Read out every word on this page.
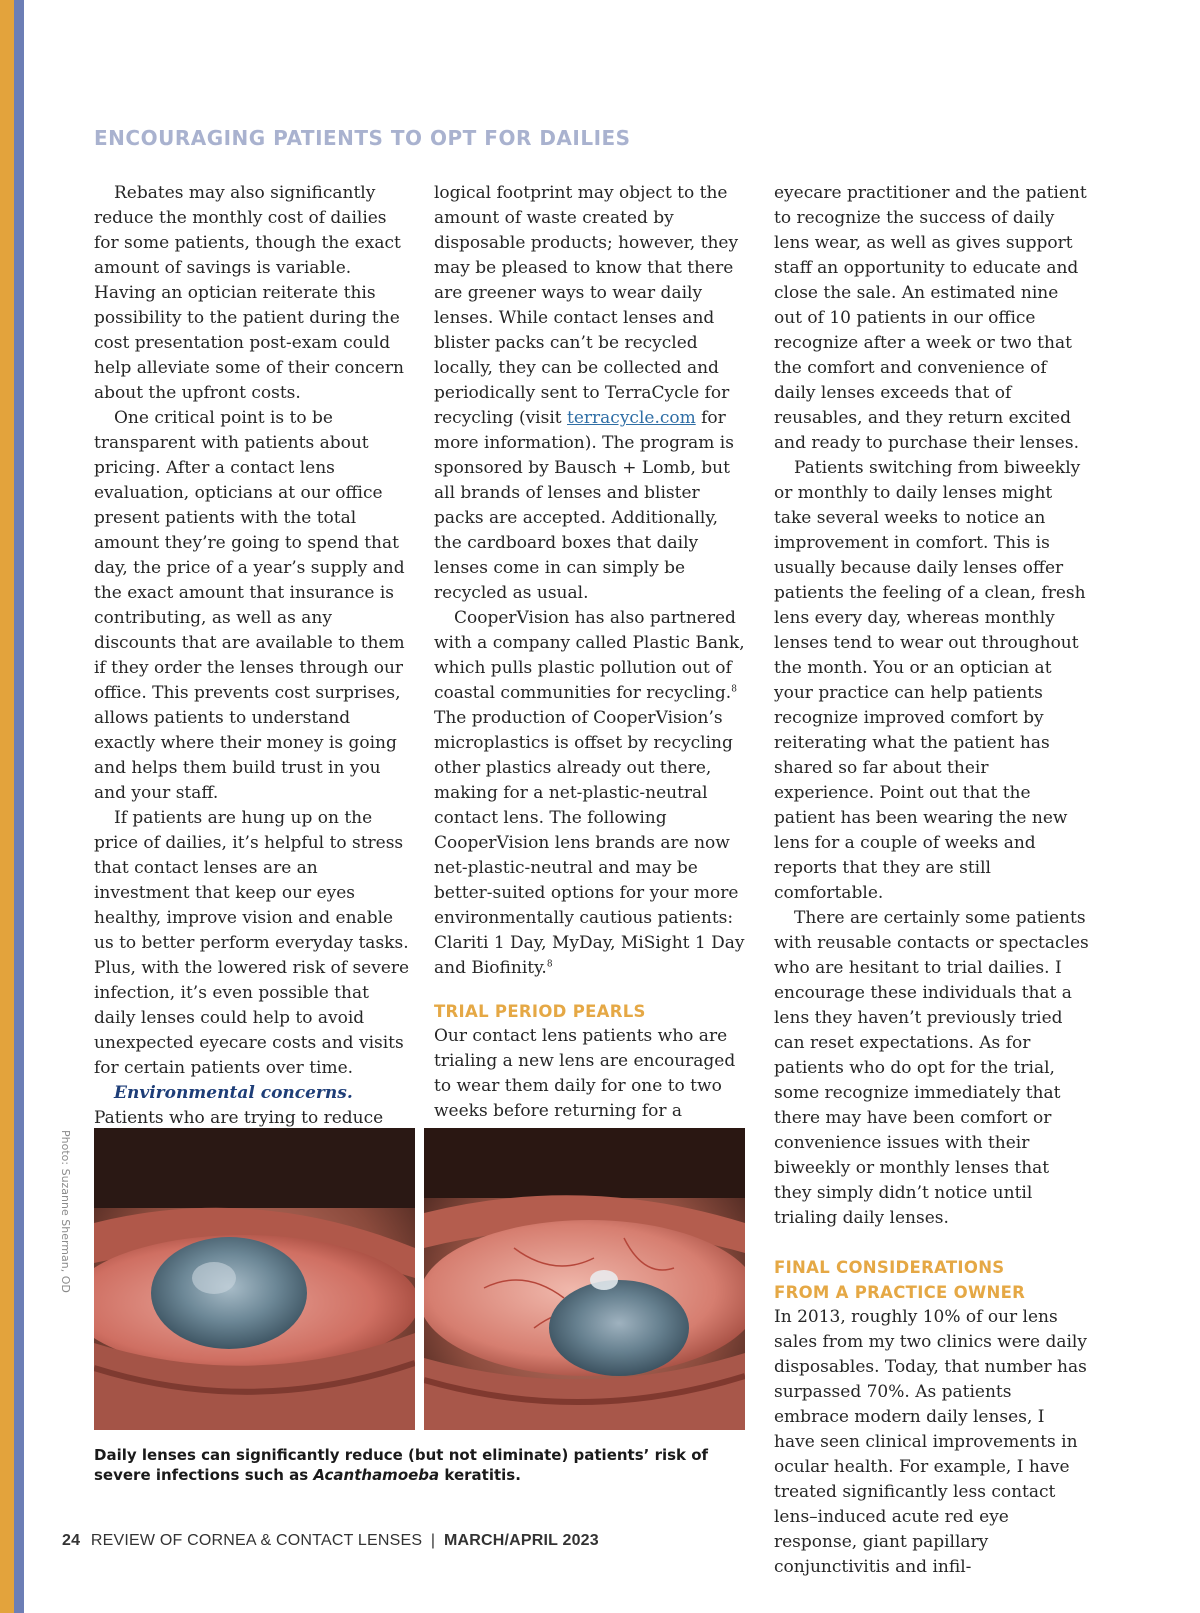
ENCOURAGING PATIENTS TO OPT FOR DAILIES

Rebates may also significantly reduce the monthly cost of dailies for some patients, though the exact amount of savings is variable. Having an optician reiterate this possibility to the patient during the cost presentation post-exam could help alleviate some of their concern about the upfront costs.

One critical point is to be transparent with patients about pricing. After a contact lens evaluation, opticians at our office present patients with the total amount they’re going to spend that day, the price of a year’s supply and the exact amount that insurance is contributing, as well as any discounts that are available to them if they order the lenses through our office. This prevents cost surprises, allows patients to understand exactly where their money is going and helps them build trust in you and your staff.

If patients are hung up on the price of dailies, it’s helpful to stress that contact lenses are an investment that keep our eyes healthy, improve vision and enable us to better perform everyday tasks. Plus, with the lowered risk of severe infection, it’s even possible that daily lenses could help to avoid unexpected eyecare costs and visits for certain patients over time.

Environmental concerns. Patients who are trying to reduce

logical footprint may object to the amount of waste created by disposable products; however, they may be pleased to know that there are greener ways to wear daily lenses. While contact lenses and blister packs can’t be recycled locally, they can be collected and periodically sent to TerraCycle for recycling (visit terracycle.com for more information). The program is sponsored by Bausch + Lomb, but all brands of lenses and blister packs are accepted. Additionally, the cardboard boxes that daily lenses come in can simply be recycled as usual.

CooperVision has also partnered with a company called Plastic Bank, which pulls plastic pollution out of coastal communities for recycling.$^8$ The production of CooperVision’s microplastics is offset by recycling other plastics already out there, making for a net-plastic-neutral contact lens. The following CooperVision lens brands are now net-plastic-neutral and may be better-suited options for your more environmentally cautious patients: Clariti 1 Day, MyDay, MiSight 1 Day and Biofinity.$^8$

TRIAL PERIOD PEARLS

Our contact lens patients who are trialing a new lens are encouraged to wear them daily for one to two weeks before returning for a

eyecare practitioner and the patient to recognize the success of daily lens wear, as well as gives support staff an opportunity to educate and close the sale. An estimated nine out of 10 patients in our office recognize after a week or two that the comfort and convenience of daily lenses exceeds that of reusables, and they return excited and ready to purchase their lenses.

Patients switching from biweekly or monthly to daily lenses might take several weeks to notice an improvement in comfort. This is usually because daily lenses offer patients the feeling of a clean, fresh lens every day, whereas monthly lenses tend to wear out throughout the month. You or an optician at your practice can help patients recognize improved comfort by reiterating what the patient has shared so far about their experience. Point out that the patient has been wearing the new lens for a couple of weeks and reports that they are still comfortable.

There are certainly some patients with reusable contacts or spectacles who are hesitant to trial dailies. I encourage these individuals that a lens they haven’t previously tried can reset expectations. As for patients who do opt for the trial, some recognize immediately that there may have been comfort or convenience issues with their biweekly or monthly lenses that they simply didn’t notice until trialing daily lenses.

FINAL CONSIDERATIONS
FROM A PRACTICE OWNER

In 2013, roughly 10% of our lens sales from my two clinics were daily disposables. Today, that number has surpassed 70%. As patients embrace modern daily lenses, I have seen clinical improvements in ocular health. For example, I have treated significantly less contact lens–induced acute red eye response, giant papillary conjunctivitis and infil-

Photo: Suzanne Sherman, OD
Daily lenses can significantly reduce (but not eliminate) patients’ risk of severe infections such as Acanthamoeba keratitis.
24 REVIEW OF CORNEA & CONTACT LENSES | MARCH/APRIL 2023
